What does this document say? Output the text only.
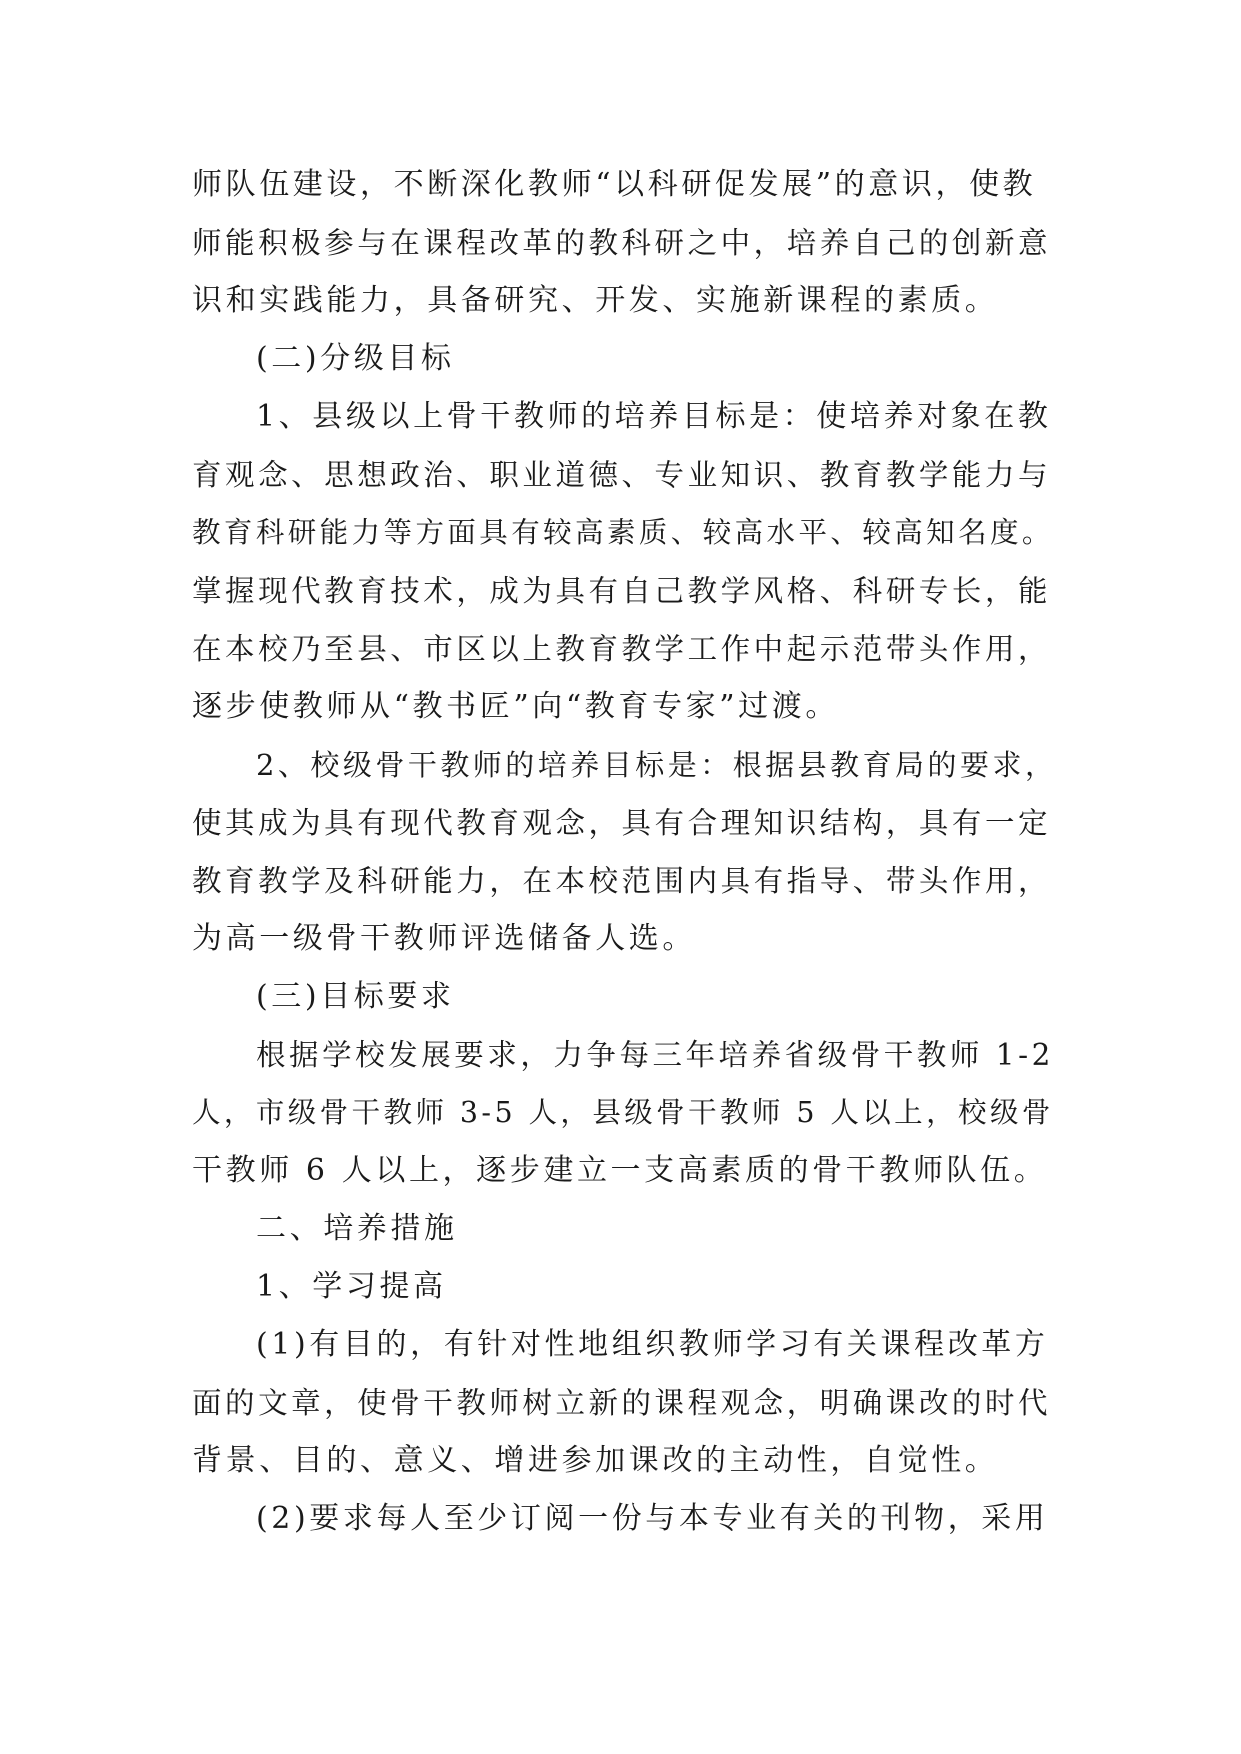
师队伍建设，不断深化教师“以科研促发展”的意识，使教
师能积极参与在课程改革的教科研之中，培养自己的创新意
识和实践能力，具备研究、开发、实施新课程的素质。
(二)分级目标
1、县级以上骨干教师的培养目标是：使培养对象在教
育观念、思想政治、职业道德、专业知识、教育教学能力与
教育科研能力等方面具有较高素质、较高水平、较高知名度。
掌握现代教育技术，成为具有自己教学风格、科研专长，能
在本校乃至县、市区以上教育教学工作中起示范带头作用，
逐步使教师从“教书匠”向“教育专家”过渡。
2、校级骨干教师的培养目标是：根据县教育局的要求，
使其成为具有现代教育观念，具有合理知识结构，具有一定
教育教学及科研能力，在本校范围内具有指导、带头作用，
为高一级骨干教师评选储备人选。
(三)目标要求
根据学校发展要求，力争每三年培养省级骨干教师 1-2
人，市级骨干教师 3-5 人，县级骨干教师 5 人以上，校级骨
干教师 6 人以上，逐步建立一支高素质的骨干教师队伍。
二、培养措施
1、学习提高
(1)有目的，有针对性地组织教师学习有关课程改革方
面的文章，使骨干教师树立新的课程观念，明确课改的时代
背景、目的、意义、增进参加课改的主动性，自觉性。
(2)要求每人至少订阅一份与本专业有关的刊物，采用
